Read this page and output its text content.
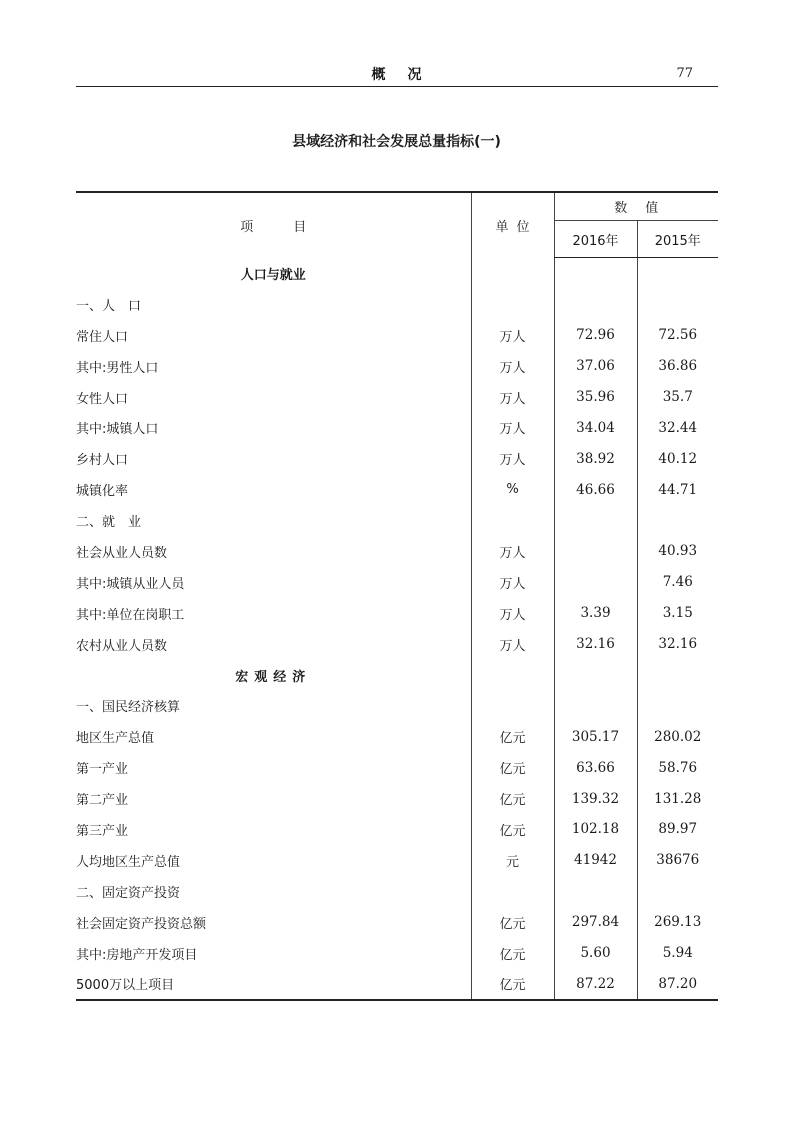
概况	77
县域经济和社会发展总量指标(一)
项目	单位	数值	
		2016年	2015年
人口与就业			
一、人　口			
常住人口	万人	72.96	72.56
其中:男性人口	万人	37.06	36.86
女性人口	万人	35.96	35.7
其中:城镇人口	万人	34.04	32.44
乡村人口	万人	38.92	40.12
城镇化率	%	46.66	44.71
二、就　业			
社会从业人员数	万人		40.93
其中:城镇从业人员	万人		7.46
其中:单位在岗职工	万人	3.39	3.15
农村从业人员数	万人	32.16	32.16
宏观经济			
一、国民经济核算			
地区生产总值	亿元	305.17	280.02
第一产业	亿元	63.66	58.76
第二产业	亿元	139.32	131.28
第三产业	亿元	102.18	89.97
人均地区生产总值	元	41942	38676
二、固定资产投资			
社会固定资产投资总额	亿元	297.84	269.13
其中:房地产开发项目	亿元	5.60	5.94
5000万以上项目	亿元	87.22	87.20
